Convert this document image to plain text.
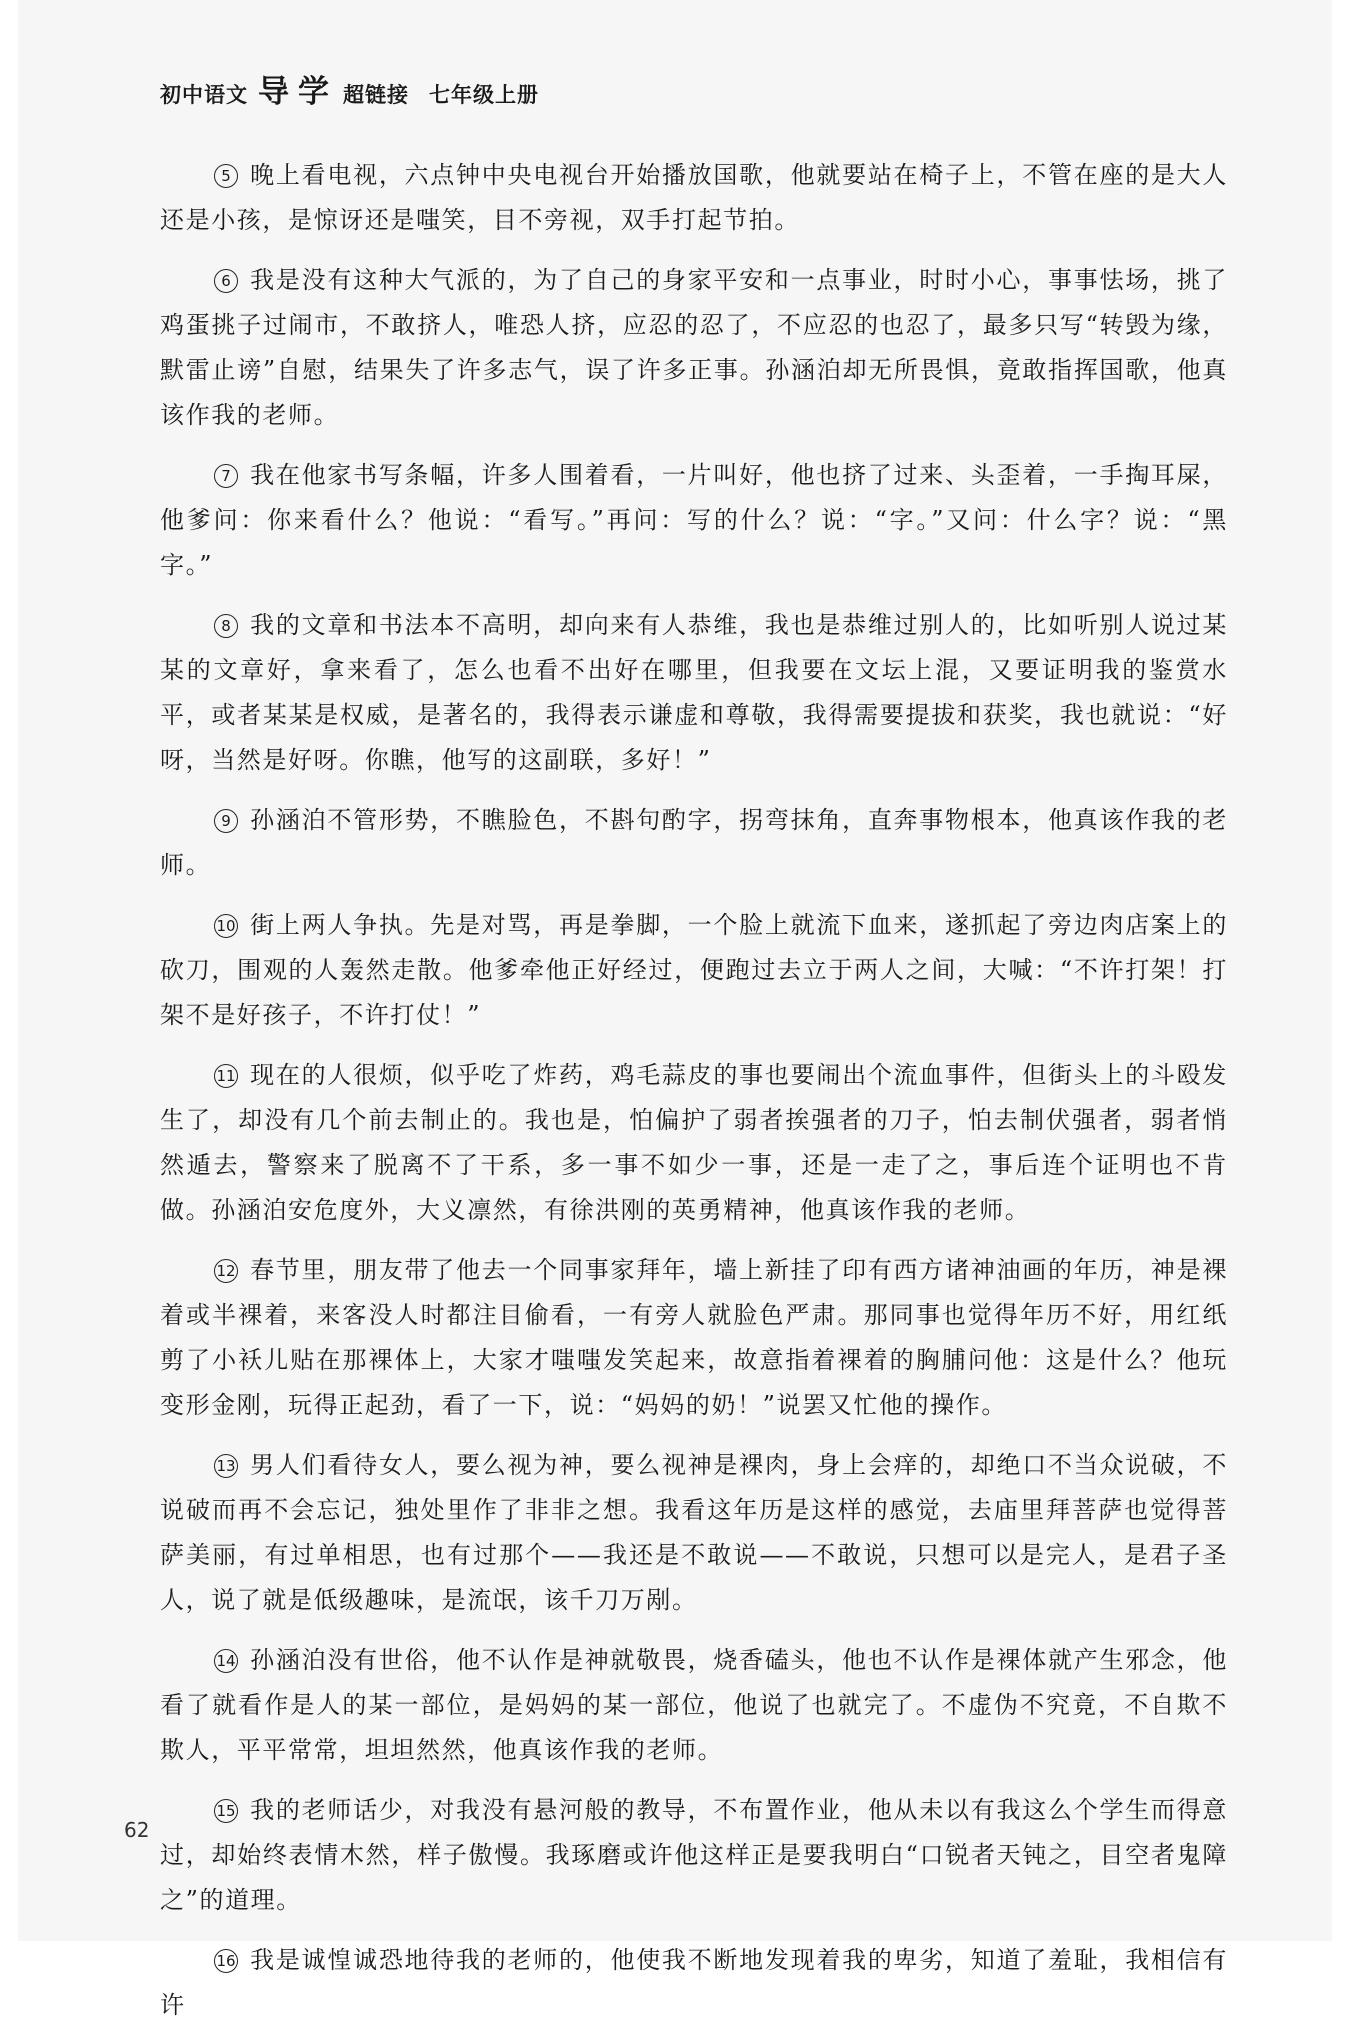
初中语文 导 学 超链接 七年级上册

5 晚上看电视，六点钟中央电视台开始播放国歌，他就要站在椅子上，不管在座的是大人还是小孩，是惊讶还是嗤笑，目不旁视，双手打起节拍。

6 我是没有这种大气派的，为了自己的身家平安和一点事业，时时小心，事事怯场，挑了鸡蛋挑子过闹市，不敢挤人，唯恐人挤，应忍的忍了，不应忍的也忍了，最多只写“转毁为缘，默雷止谤”自慰，结果失了许多志气，误了许多正事。孙涵泊却无所畏惧，竟敢指挥国歌，他真该作我的老师。

7 我在他家书写条幅，许多人围着看，一片叫好，他也挤了过来、头歪着，一手掏耳屎，他爹问：你来看什么？他说：“看写。”再问：写的什么？说：“字。”又问：什么字？说：“黑字。”

8 我的文章和书法本不高明，却向来有人恭维，我也是恭维过别人的，比如听别人说过某某的文章好，拿来看了，怎么也看不出好在哪里，但我要在文坛上混，又要证明我的鉴赏水平，或者某某是权威，是著名的，我得表示谦虚和尊敬，我得需要提拔和获奖，我也就说：“好呀，当然是好呀。你瞧，他写的这副联，多好！”

9 孙涵泊不管形势，不瞧脸色，不斟句酌字，拐弯抹角，直奔事物根本，他真该作我的老师。

10 街上两人争执。先是对骂，再是拳脚，一个脸上就流下血来，遂抓起了旁边肉店案上的砍刀，围观的人轰然走散。他爹牵他正好经过，便跑过去立于两人之间，大喊：“不许打架！打架不是好孩子，不许打仗！”

11 现在的人很烦，似乎吃了炸药，鸡毛蒜皮的事也要闹出个流血事件，但街头上的斗殴发生了，却没有几个前去制止的。我也是，怕偏护了弱者挨强者的刀子，怕去制伏强者，弱者悄然遁去，警察来了脱离不了干系，多一事不如少一事，还是一走了之，事后连个证明也不肯做。孙涵泊安危度外，大义凛然，有徐洪刚的英勇精神，他真该作我的老师。

12 春节里，朋友带了他去一个同事家拜年，墙上新挂了印有西方诸神油画的年历，神是裸着或半裸着，来客没人时都注目偷看，一有旁人就脸色严肃。那同事也觉得年历不好，用红纸剪了小袄儿贴在那裸体上，大家才嗤嗤发笑起来，故意指着裸着的胸脯问他：这是什么？他玩变形金刚，玩得正起劲，看了一下，说：“妈妈的奶！”说罢又忙他的操作。

13 男人们看待女人，要么视为神，要么视神是裸肉，身上会痒的，却绝口不当众说破，不说破而再不会忘记，独处里作了非非之想。我看这年历是这样的感觉，去庙里拜菩萨也觉得菩萨美丽，有过单相思，也有过那个——我还是不敢说——不敢说，只想可以是完人，是君子圣人，说了就是低级趣味，是流氓，该千刀万剐。

14 孙涵泊没有世俗，他不认作是神就敬畏，烧香磕头，他也不认作是裸体就产生邪念，他看了就看作是人的某一部位，是妈妈的某一部位，他说了也就完了。不虚伪不究竟，不自欺不欺人，平平常常，坦坦然然，他真该作我的老师。

15 我的老师话少，对我没有悬河般的教导，不布置作业，他从未以有我这么个学生而得意过，却始终表情木然，样子傲慢。我琢磨或许他这样正是要我明白“口锐者天钝之，目空者鬼障之”的道理。

16 我是诚惶诚恐地待我的老师的，他使我不断地发现着我的卑劣，知道了羞耻，我相信有许

62
